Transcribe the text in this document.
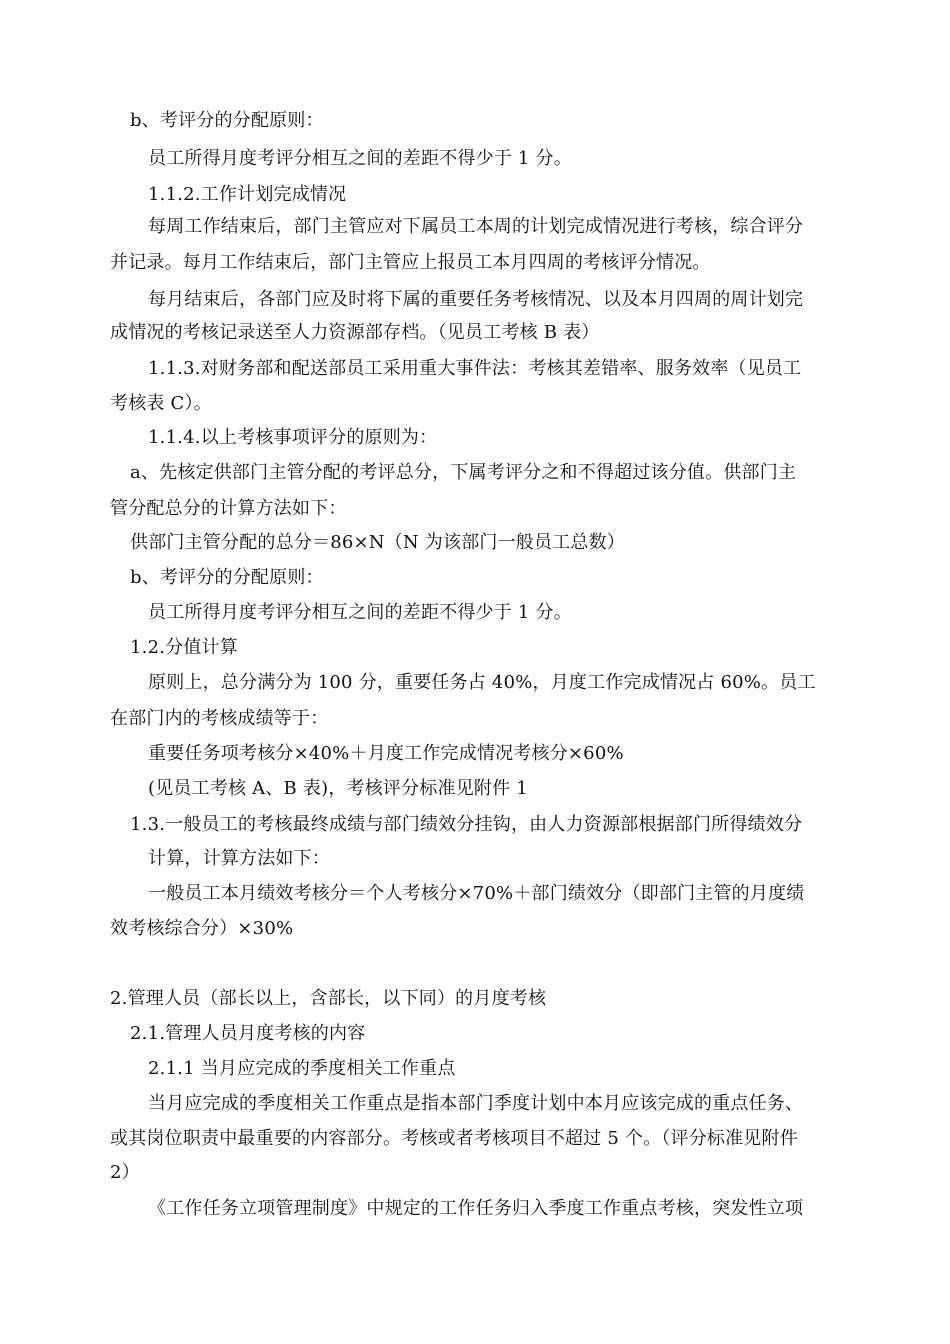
b、考评分的分配原则：
员工所得月度考评分相互之间的差距不得少于 1 分。
1.1.2.工作计划完成情况
每周工作结束后，部门主管应对下属员工本周的计划完成情况进行考核，综合评分
并记录。每月工作结束后，部门主管应上报员工本月四周的考核评分情况。
每月结束后，各部门应及时将下属的重要任务考核情况、以及本月四周的周计划完
成情况的考核记录送至人力资源部存档。（见员工考核 B 表）
1.1.3.对财务部和配送部员工采用重大事件法：考核其差错率、服务效率（见员工
考核表 C）。
1.1.4.以上考核事项评分的原则为：
a、先核定供部门主管分配的考评总分，下属考评分之和不得超过该分值。供部门主
管分配总分的计算方法如下：
供部门主管分配的总分＝86×N（N 为该部门一般员工总数）
b、考评分的分配原则：
员工所得月度考评分相互之间的差距不得少于 1 分。
1.2.分值计算
原则上，总分满分为 100 分，重要任务占 40%，月度工作完成情况占 60%。员工
在部门内的考核成绩等于：
重要任务项考核分×40%＋月度工作完成情况考核分×60%
(见员工考核 A、B 表)，考核评分标准见附件 1
1.3.一般员工的考核最终成绩与部门绩效分挂钩，由人力资源部根据部门所得绩效分
计算，计算方法如下：
一般员工本月绩效考核分＝个人考核分×70%＋部门绩效分（即部门主管的月度绩
效考核综合分）×30%
2.管理人员（部长以上，含部长，以下同）的月度考核
2.1.管理人员月度考核的内容
2.1.1 当月应完成的季度相关工作重点
当月应完成的季度相关工作重点是指本部门季度计划中本月应该完成的重点任务、
或其岗位职责中最重要的内容部分。考核或者考核项目不超过 5 个。（评分标准见附件
2）
《工作任务立项管理制度》中规定的工作任务归入季度工作重点考核，突发性立项
